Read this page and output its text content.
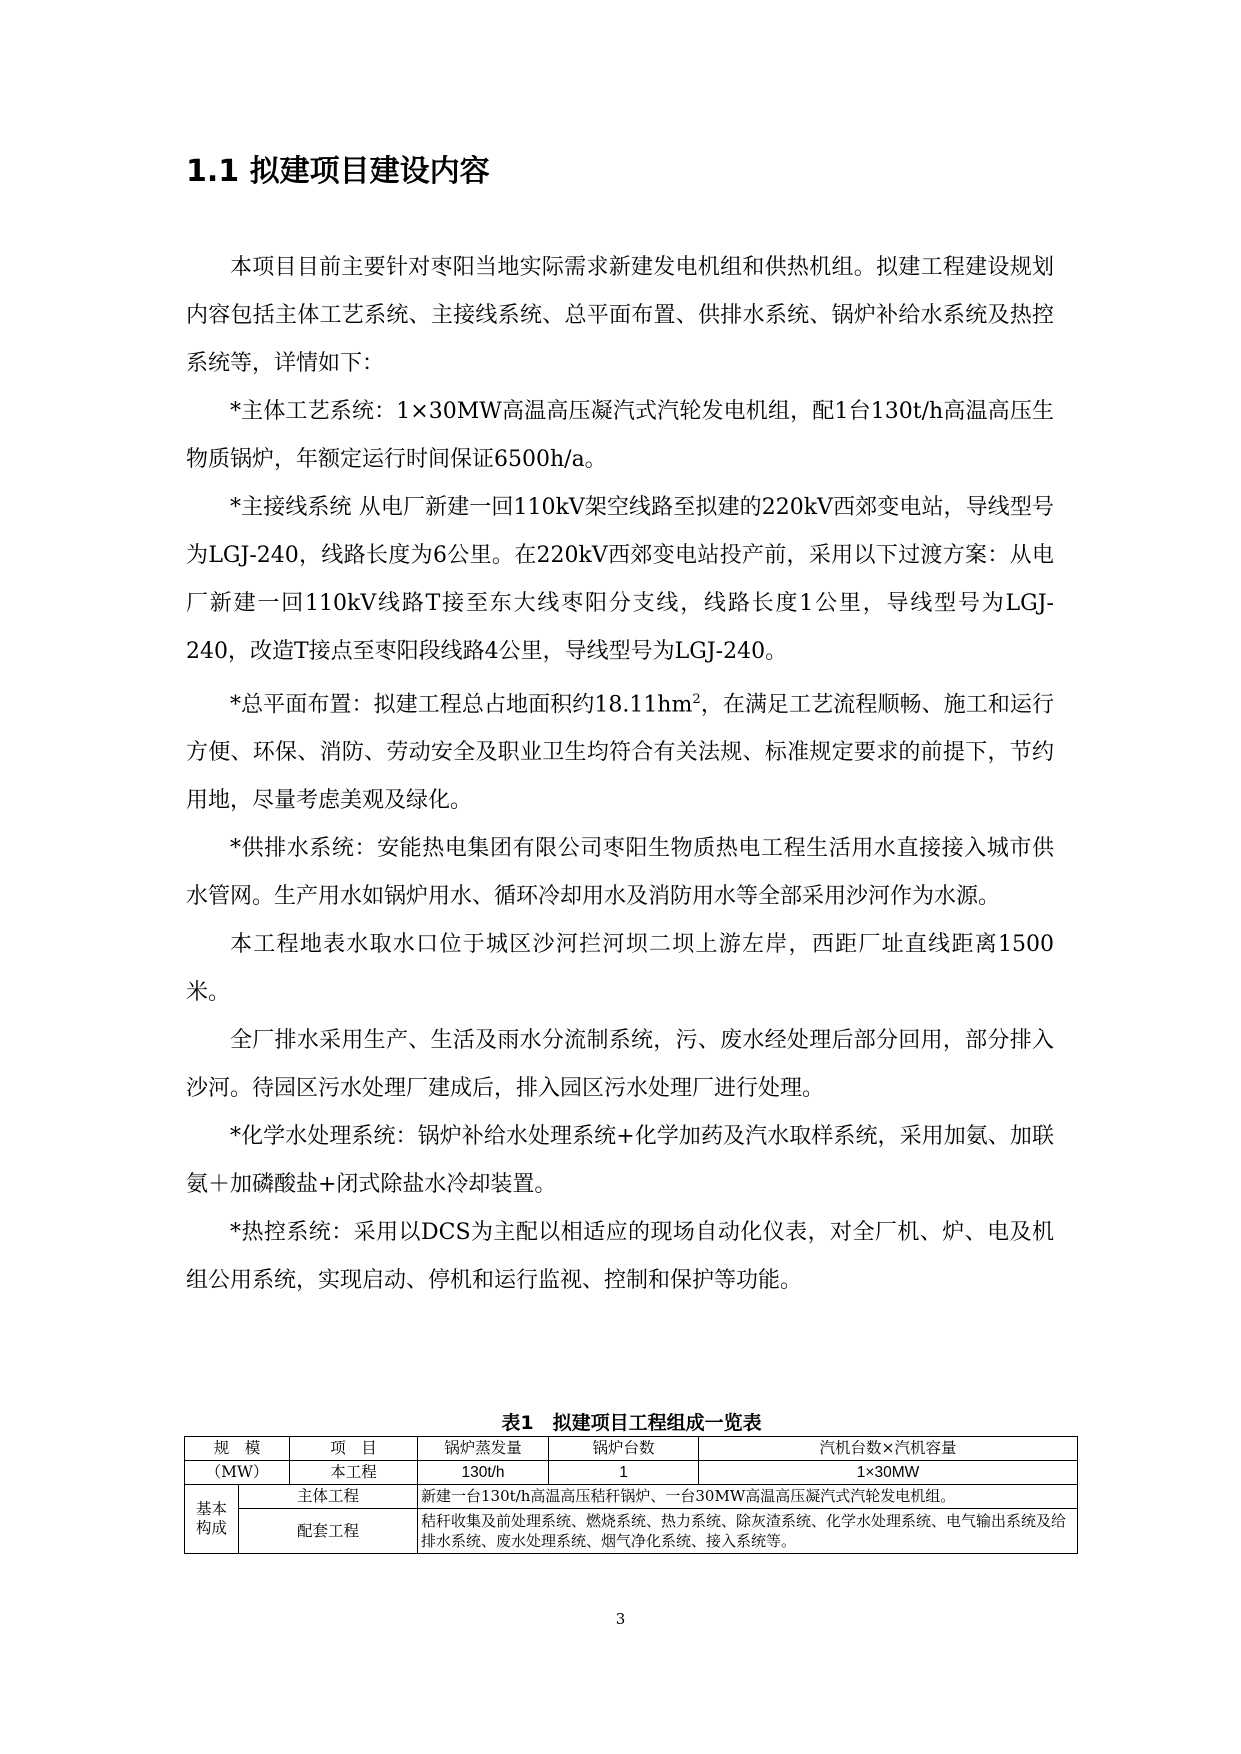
1.1 拟建项目建设内容

本项目目前主要针对枣阳当地实际需求新建发电机组和供热机组。拟建工程建设规划内容包括主体工艺系统、主接线系统、总平面布置、供排水系统、锅炉补给水系统及热控系统等，详情如下：

*主体工艺系统：1×30MW高温高压凝汽式汽轮发电机组，配1台130t/h高温高压生物质锅炉，年额定运行时间保证6500h/a。

*主接线系统 从电厂新建一回110kV架空线路至拟建的220kV西郊变电站，导线型号为LGJ-240，线路长度为6公里。在220kV西郊变电站投产前，采用以下过渡方案：从电厂新建一回110kV线路T接至东大线枣阳分支线，线路长度1公里，导线型号为LGJ-240，改造T接点至枣阳段线路4公里，导线型号为LGJ-240。

*总平面布置：拟建工程总占地面积约$18.11hm^2$，在满足工艺流程顺畅、施工和运行方便、环保、消防、劳动安全及职业卫生均符合有关法规、标准规定要求的前提下，节约用地，尽量考虑美观及绿化。

*供排水系统：安能热电集团有限公司枣阳生物质热电工程生活用水直接接入城市供水管网。生产用水如锅炉用水、循环冷却用水及消防用水等全部采用沙河作为水源。

本工程地表水取水口位于城区沙河拦河坝二坝上游左岸，西距厂址直线距离1500米。

全厂排水采用生产、生活及雨水分流制系统，污、废水经处理后部分回用，部分排入沙河。待园区污水处理厂建成后，排入园区污水处理厂进行处理。

*化学水处理系统：锅炉补给水处理系统+化学加药及汽水取样系统，采用加氨、加联氨＋加磷酸盐+闭式除盐水冷却装置。

*热控系统：采用以DCS为主配以相适应的现场自动化仪表，对全厂机、炉、电及机组公用系统，实现启动、停机和运行监视、控制和保护等功能。

表1　拟建项目工程组成一览表
规　模		项　目	锅炉蒸发量	锅炉台数	汽机台数×汽机容量
（MW）		本工程	130t/h	1	1×30MW
基本
构成	主体工程		新建一台130t/h高温高压秸秆锅炉、一台30MW高温高压凝汽式汽轮发电机组。		
	配套工程		秸秆收集及前处理系统、燃烧系统、热力系统、除灰渣系统、化学水处理系统、电气输出系统及给排水系统、废水处理系统、烟气净化系统、接入系统等。		
3
